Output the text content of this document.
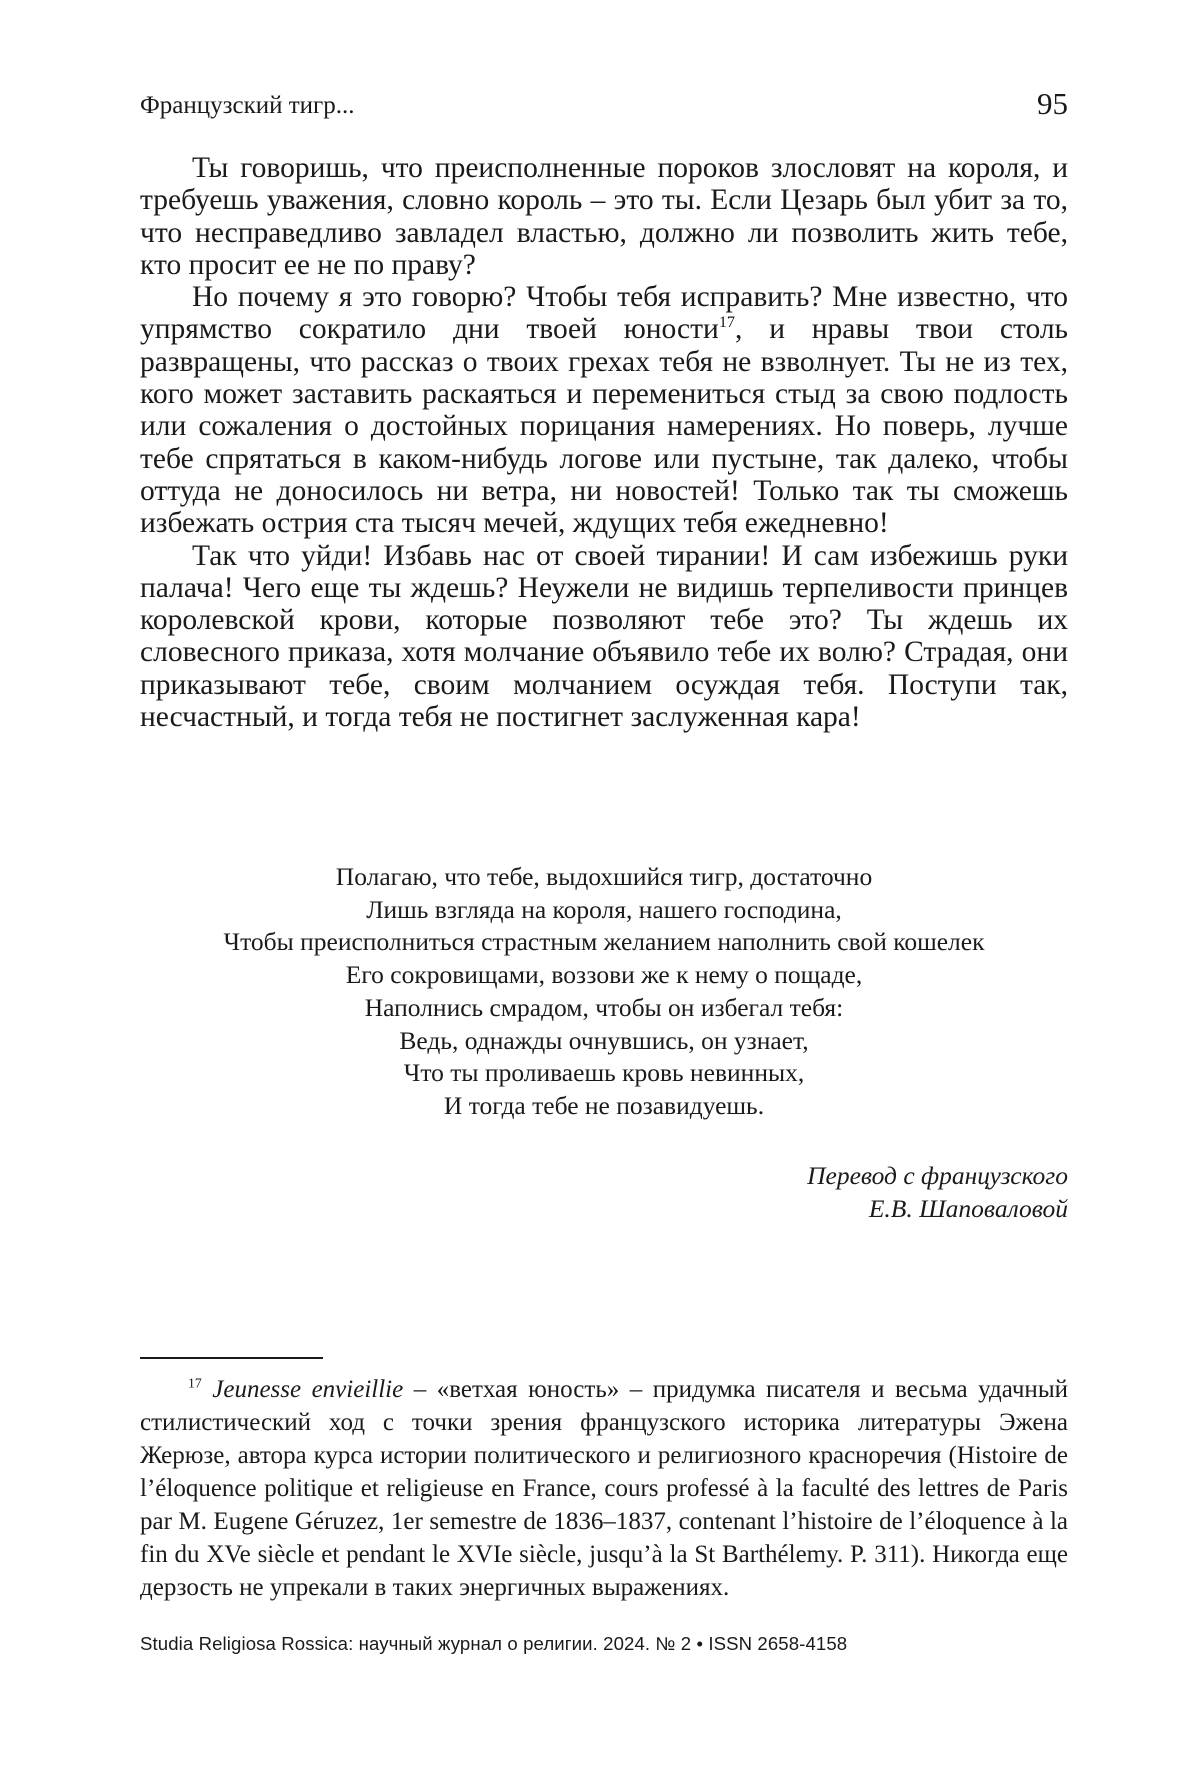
Французский тигр...	95

Ты говоришь, что преисполненные пороков злословят на короля, и требуешь уважения, словно король – это ты. Если Цезарь был убит за то, что несправедливо завладел властью, должно ли позволить жить тебе, кто просит ее не по праву?

Но почему я это говорю? Чтобы тебя исправить? Мне известно, что упрямство сократило дни твоей юности$^{17}$, и нравы твои столь развращены, что рассказ о твоих грехах тебя не взволнует. Ты не из тех, кого может заставить раскаяться и перемениться стыд за свою подлость или сожаления о достойных порицания намерениях. Но поверь, лучше тебе спрятаться в каком-нибудь логове или пустыне, так далеко, чтобы оттуда не доносилось ни ветра, ни новостей! Только так ты сможешь избежать острия ста тысяч мечей, ждущих тебя ежедневно!

Так что уйди! Избавь нас от своей тирании! И сам избежишь руки палача! Чего еще ты ждешь? Неужели не видишь терпеливости принцев королевской крови, которые позволяют тебе это? Ты ждешь их словесного приказа, хотя молчание объявило тебе их волю? Страдая, они приказывают тебе, своим молчанием осуждая тебя. Поступи так, несчастный, и тогда тебя не постигнет заслуженная кара!

Полагаю, что тебе, выдохшийся тигр, достаточно
Лишь взгляда на короля, нашего господина,
Чтобы преисполниться страстным желанием наполнить свой кошелек
Его сокровищами, воззови же к нему о пощаде,
Наполнись смрадом, чтобы он избегал тебя:
Ведь, однажды очнувшись, он узнает,
Что ты проливаешь кровь невинных,
И тогда тебе не позавидуешь.
Перевод с французского
Е.В. Шаповаловой

$^{17}$ Jeunesse envieillie – «ветхая юность» – придумка писателя и весьма удачный стилистический ход с точки зрения французского историка литературы Эжена Жерюзе, автора курса истории политического и религиозного красноречия (Histoire de l’éloquence politique et religieuse en France, cours professé à la faculté des lettres de Paris par M. Eugene Géruzez, 1er semestre de 1836–1837, contenant l’histoire de l’éloquence à la fin du XVe siècle et pendant le XVIe siècle, jusqu’à la St Barthélemy. P. 311). Никогда еще дерзость не упрекали в таких энергичных выражениях.

Studia Religiosa Rossica: научный журнал о религии. 2024. № 2 • ISSN 2658-4158
